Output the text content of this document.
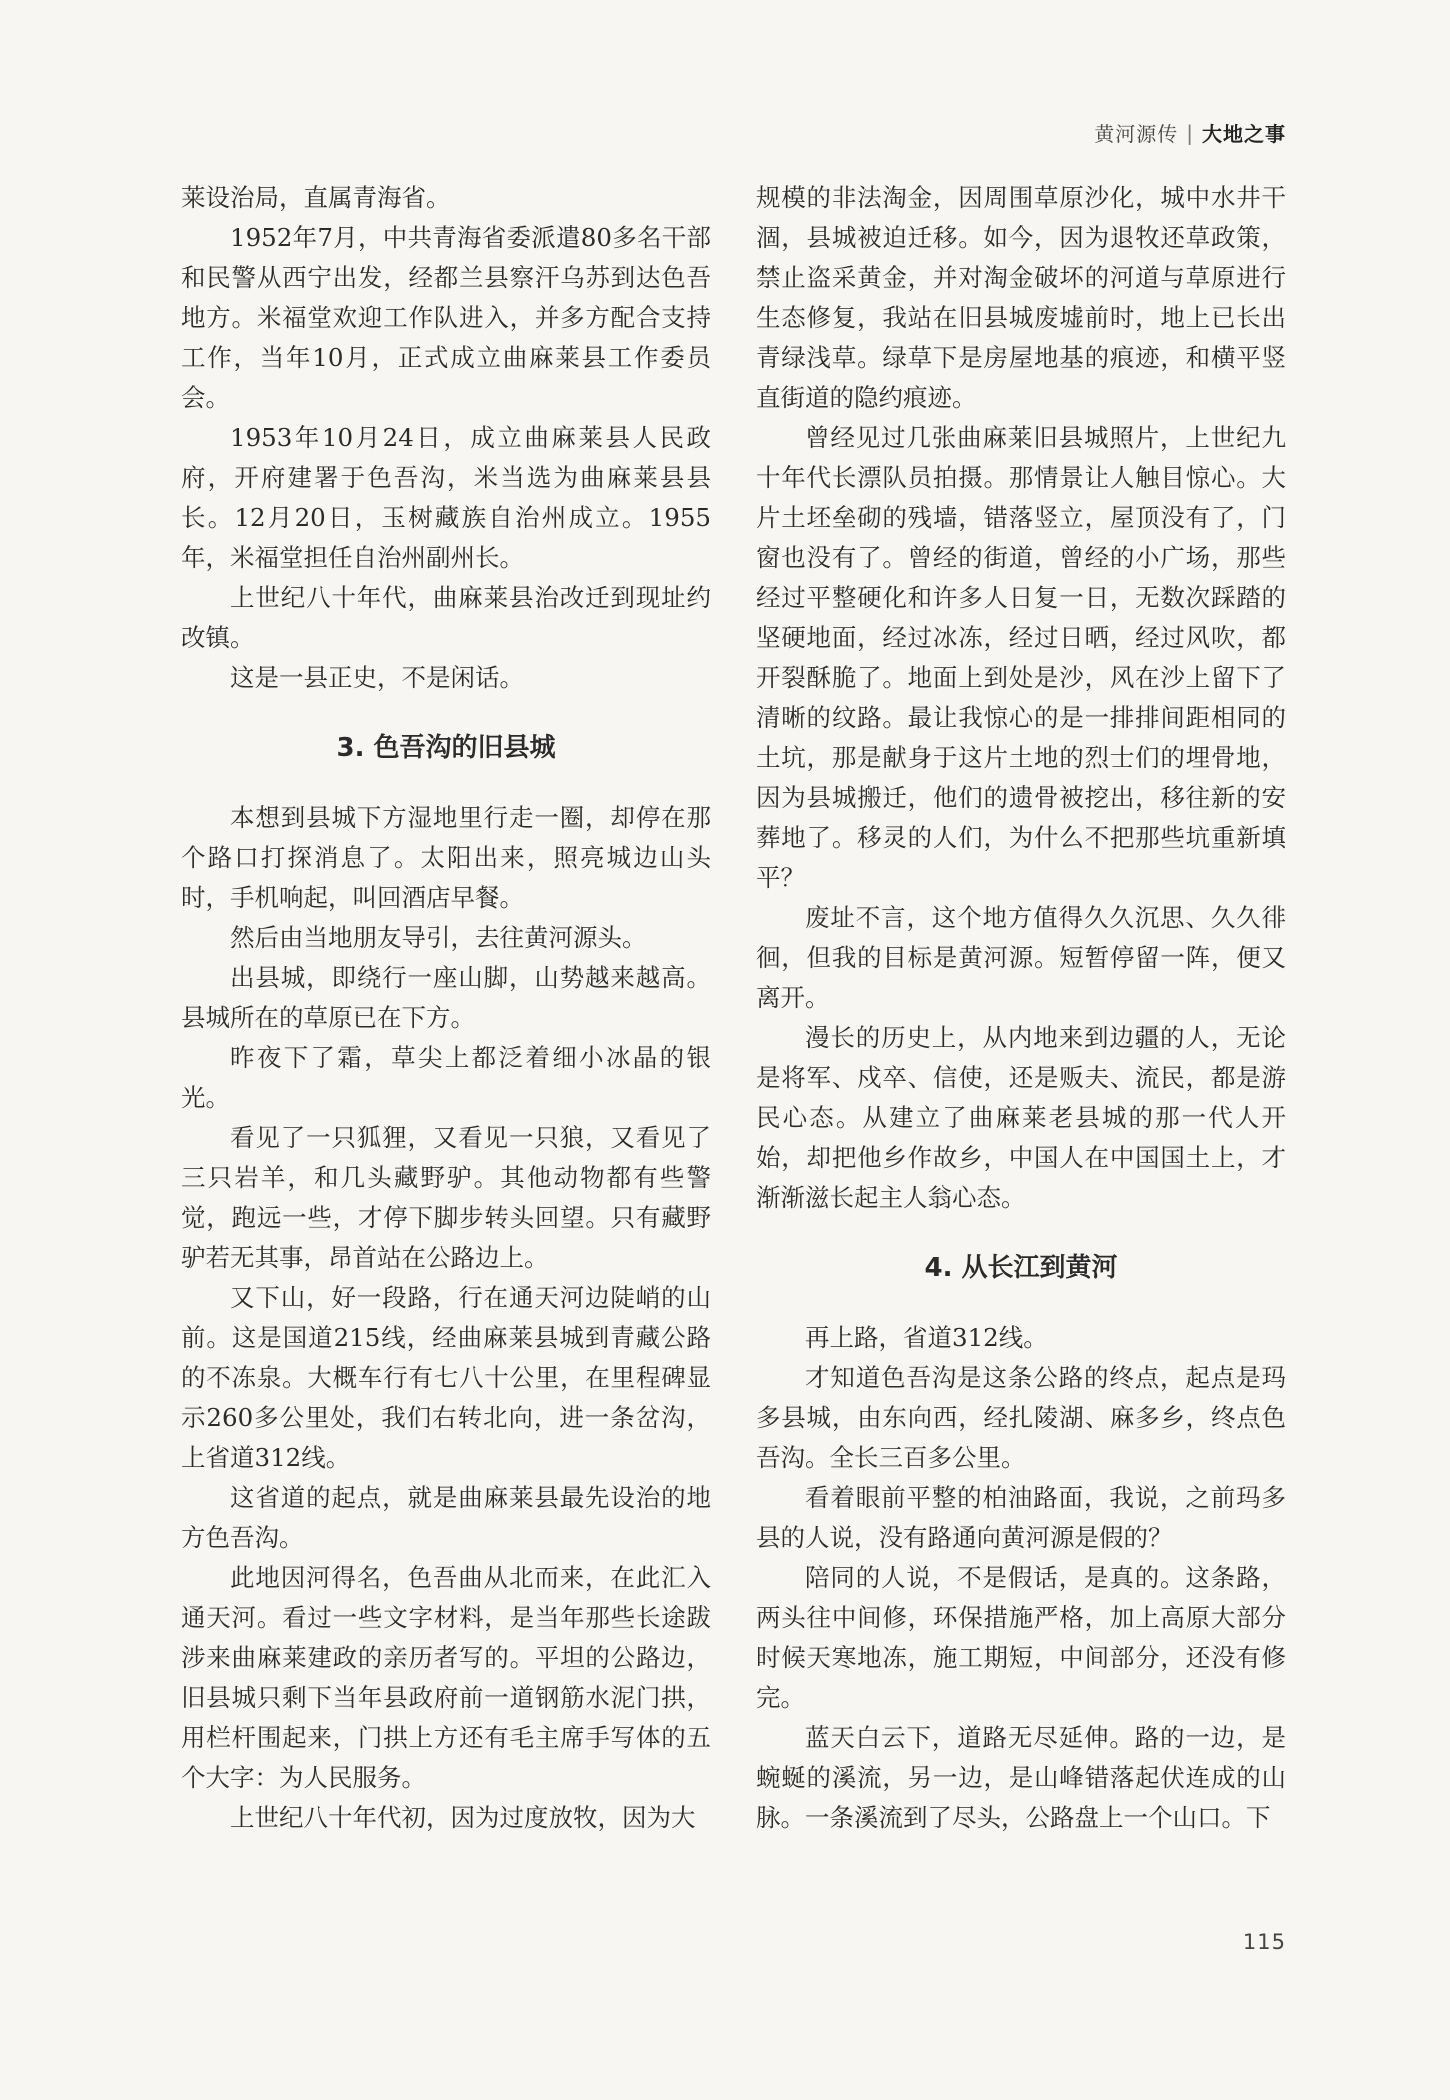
黄河源传 | 大地之事

莱设治局，直属青海省。

1952年7月，中共青海省委派遣80多名干部和民警从西宁出发，经都兰县察汗乌苏到达色吾地方。米福堂欢迎工作队进入，并多方配合支持工作，当年10月，正式成立曲麻莱县工作委员会。

1953年10月24日，成立曲麻莱县人民政府，开府建署于色吾沟，米当选为曲麻莱县县长。12月20日，玉树藏族自治州成立。1955年，米福堂担任自治州副州长。

上世纪八十年代，曲麻莱县治改迁到现址约改镇。

这是一县正史，不是闲话。

3. 色吾沟的旧县城

本想到县城下方湿地里行走一圈，却停在那个路口打探消息了。太阳出来，照亮城边山头时，手机响起，叫回酒店早餐。

然后由当地朋友导引，去往黄河源头。

出县城，即绕行一座山脚，山势越来越高。县城所在的草原已在下方。

昨夜下了霜，草尖上都泛着细小冰晶的银光。

看见了一只狐狸，又看见一只狼，又看见了三只岩羊，和几头藏野驴。其他动物都有些警觉，跑远一些，才停下脚步转头回望。只有藏野驴若无其事，昂首站在公路边上。

又下山，好一段路，行在通天河边陡峭的山前。这是国道215线，经曲麻莱县城到青藏公路的不冻泉。大概车行有七八十公里，在里程碑显示260多公里处，我们右转北向，进一条岔沟，上省道312线。

这省道的起点，就是曲麻莱县最先设治的地方色吾沟。

此地因河得名，色吾曲从北而来，在此汇入通天河。看过一些文字材料，是当年那些长途跋涉来曲麻莱建政的亲历者写的。平坦的公路边，旧县城只剩下当年县政府前一道钢筋水泥门拱，用栏杆围起来，门拱上方还有毛主席手写体的五个大字：为人民服务。

上世纪八十年代初，因为过度放牧，因为大

规模的非法淘金，因周围草原沙化，城中水井干涸，县城被迫迁移。如今，因为退牧还草政策，禁止盗采黄金，并对淘金破坏的河道与草原进行生态修复，我站在旧县城废墟前时，地上已长出青绿浅草。绿草下是房屋地基的痕迹，和横平竖直街道的隐约痕迹。

曾经见过几张曲麻莱旧县城照片，上世纪九十年代长漂队员拍摄。那情景让人触目惊心。大片土坯垒砌的残墙，错落竖立，屋顶没有了，门窗也没有了。曾经的街道，曾经的小广场，那些经过平整硬化和许多人日复一日，无数次踩踏的坚硬地面，经过冰冻，经过日晒，经过风吹，都开裂酥脆了。地面上到处是沙，风在沙上留下了清晰的纹路。最让我惊心的是一排排间距相同的土坑，那是献身于这片土地的烈士们的埋骨地，因为县城搬迁，他们的遗骨被挖出，移往新的安葬地了。移灵的人们，为什么不把那些坑重新填平？

废址不言，这个地方值得久久沉思、久久徘徊，但我的目标是黄河源。短暂停留一阵，便又离开。

漫长的历史上，从内地来到边疆的人，无论是将军、戍卒、信使，还是贩夫、流民，都是游民心态。从建立了曲麻莱老县城的那一代人开始，却把他乡作故乡，中国人在中国国土上，才渐渐滋长起主人翁心态。

4. 从长江到黄河

再上路，省道312线。

才知道色吾沟是这条公路的终点，起点是玛多县城，由东向西，经扎陵湖、麻多乡，终点色吾沟。全长三百多公里。

看着眼前平整的柏油路面，我说，之前玛多县的人说，没有路通向黄河源是假的？

陪同的人说，不是假话，是真的。这条路，两头往中间修，环保措施严格，加上高原大部分时候天寒地冻，施工期短，中间部分，还没有修完。

蓝天白云下，道路无尽延伸。路的一边，是蜿蜒的溪流，另一边，是山峰错落起伏连成的山脉。一条溪流到了尽头，公路盘上一个山口。下

115
